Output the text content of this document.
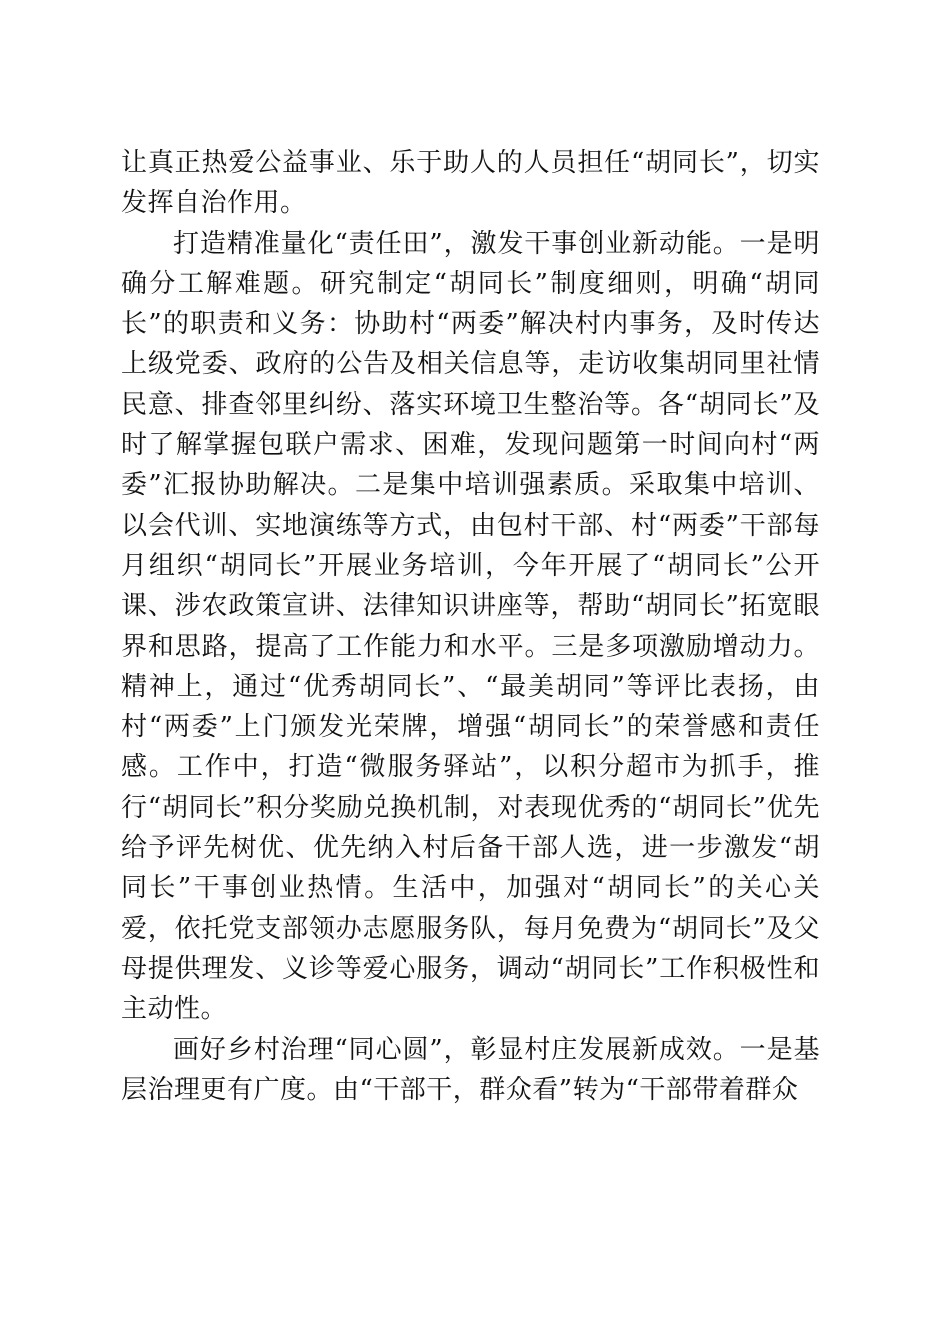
让真正热爱公益事业、乐于助人的人员担任“胡同长”，切实发挥自治作用。

打造精准量化“责任田”，激发干事创业新动能。一是明确分工解难题。研究制定“胡同长”制度细则，明确“胡同长”的职责和义务：协助村“两委”解决村内事务，及时传达上级党委、政府的公告及相关信息等，走访收集胡同里社情民意、排查邻里纠纷、落实环境卫生整治等。各“胡同长”及时了解掌握包联户需求、困难，发现问题第一时间向村“两委”汇报协助解决。二是集中培训强素质。采取集中培训、以会代训、实地演练等方式，由包村干部、村“两委”干部每月组织“胡同长”开展业务培训，今年开展了“胡同长”公开课、涉农政策宣讲、法律知识讲座等，帮助“胡同长”拓宽眼界和思路，提高了工作能力和水平。三是多项激励增动力。精神上，通过“优秀胡同长”、“最美胡同”等评比表扬，由村“两委”上门颁发光荣牌，增强“胡同长”的荣誉感和责任感。工作中，打造“微服务驿站”，以积分超市为抓手，推行“胡同长”积分奖励兑换机制，对表现优秀的“胡同长”优先给予评先树优、优先纳入村后备干部人选，进一步激发“胡同长”干事创业热情。生活中，加强对“胡同长”的关心关爱，依托党支部领办志愿服务队，每月免费为“胡同长”及父母提供理发、义诊等爱心服务，调动“胡同长”工作积极性和主动性。

画好乡村治理“同心圆”，彰显村庄发展新成效。一是基层治理更有广度。由“干部干，群众看”转为“干部带着群众
